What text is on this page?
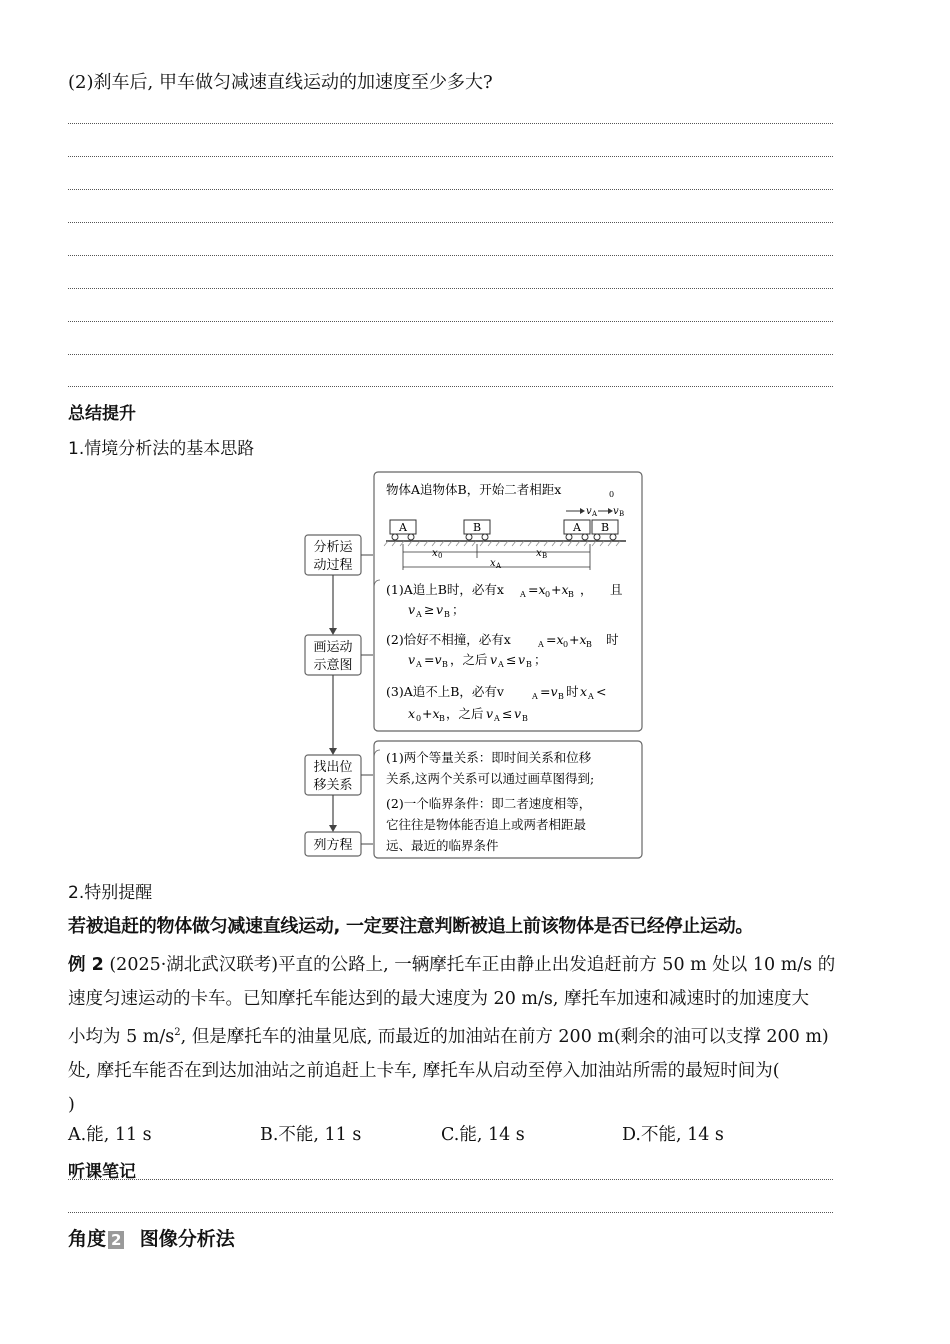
(2)刹车后, 甲车做匀减速直线运动的加速度至少多大?
总结提升
1.情境分析法的基本思路
分析运
动过程
画运动
示意图
找出位
移关系
列方程
物体A追物体B，开始二者相距x	0
A	B	A B
v A v B
x 0	x B
x A
(1)A追上B时，必有x A =x 0 +x B ， 且
v A ≥ v B ；
(2)恰好不相撞，必有x	A =x 0 +x B 时
v A =v B ，之后 v A ≤ v B ；
(3)A追不上B，必有v	A =v B 时 x A <
x 0 +x B ，之后 v A ≤ v B
(1)两个等量关系：即时间关系和位移
关系,这两个关系可以通过画草图得到;
(2)一个临界条件：即二者速度相等，
它往往是物体能否追上或两者相距最
远、最近的临界条件
2.特别提醒
若被追赶的物体做匀减速直线运动, 一定要注意判断被追上前该物体是否已经停止运动。
例 2 (2025·湖北武汉联考)平直的公路上, 一辆摩托车正由静止出发追赶前方 50 m 处以 10 m/s 的
速度匀速运动的卡车。已知摩托车能达到的最大速度为 20 m/s, 摩托车加速和减速时的加速度大
小均为 5 $m/s^2$, 但是摩托车的油量见底, 而最近的加油站在前方 200 m(剩余的油可以支撑 200 m)
处, 摩托车能否在到达加油站之前追赶上卡车, 摩托车从启动至停入加油站所需的最短时间为(
)
A.能, 11 s	B.不能, 11 s	C.能, 14 s	D.不能, 14 s
听课笔记
角度 2 图像分析法
